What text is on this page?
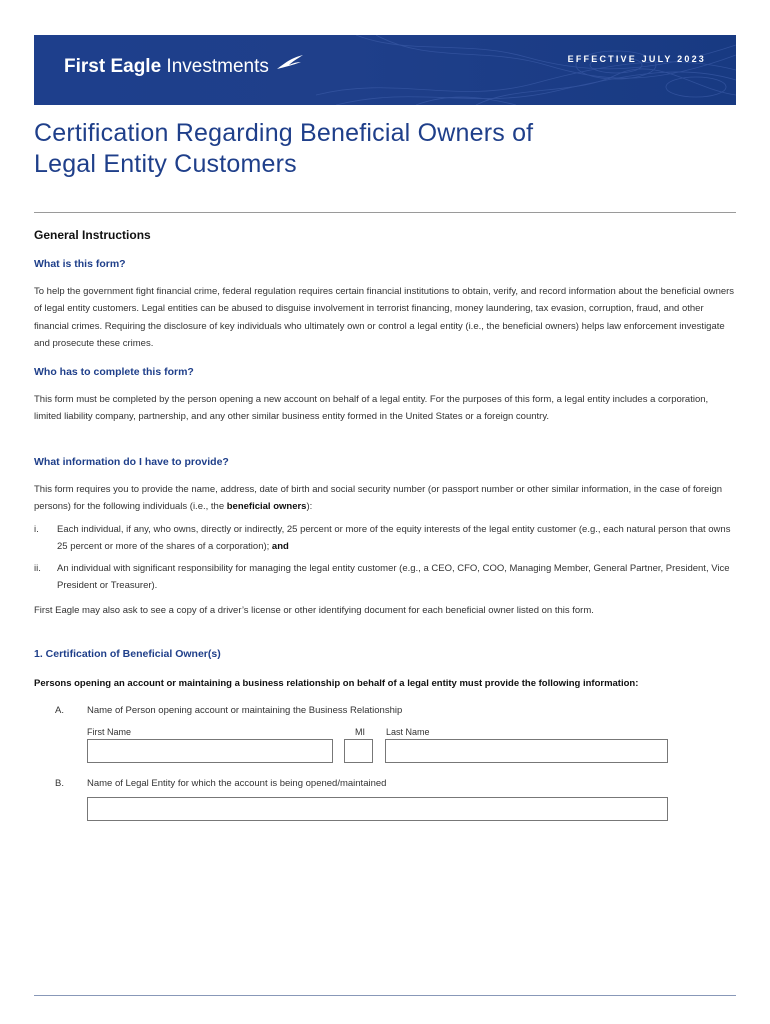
First Eagle Investments	EFFECTIVE JULY 2023
Certification Regarding Beneficial Owners of
Legal Entity Customers
General Instructions
What is this form?
To help the government fight financial crime, federal regulation requires certain financial institutions to obtain, verify, and record information about the beneficial owners of legal entity customers. Legal entities can be abused to disguise involvement in terrorist financing, money laundering, tax evasion, corruption, fraud, and other financial crimes. Requiring the disclosure of key individuals who ultimately own or control a legal entity (i.e., the beneficial owners) helps law enforcement investigate and prosecute these crimes.
Who has to complete this form?
This form must be completed by the person opening a new account on behalf of a legal entity. For the purposes of this form, a legal entity includes a corporation, limited liability company, partnership, and any other similar business entity formed in the United States or a foreign country.
What information do I have to provide?
This form requires you to provide the name, address, date of birth and social security number (or passport number or other similar information, in the case of foreign persons) for the following individuals (i.e., the beneficial owners):
i. Each individual, if any, who owns, directly or indirectly, 25 percent or more of the equity interests of the legal entity customer (e.g., each natural person that owns 25 percent or more of the shares of a corporation); and
ii. An individual with significant responsibility for managing the legal entity customer (e.g., a CEO, CFO, COO, Managing Member, General Partner, President, Vice President or Treasurer).
First Eagle may also ask to see a copy of a driver’s license or other identifying document for each beneficial owner listed on this form.
1. Certification of Beneficial Owner(s)
Persons opening an account or maintaining a business relationship on behalf of a legal entity must provide the following information:
A. Name of Person opening account or maintaining the Business Relationship
First Name	MI Last Name
B. Name of Legal Entity for which the account is being opened/maintained
